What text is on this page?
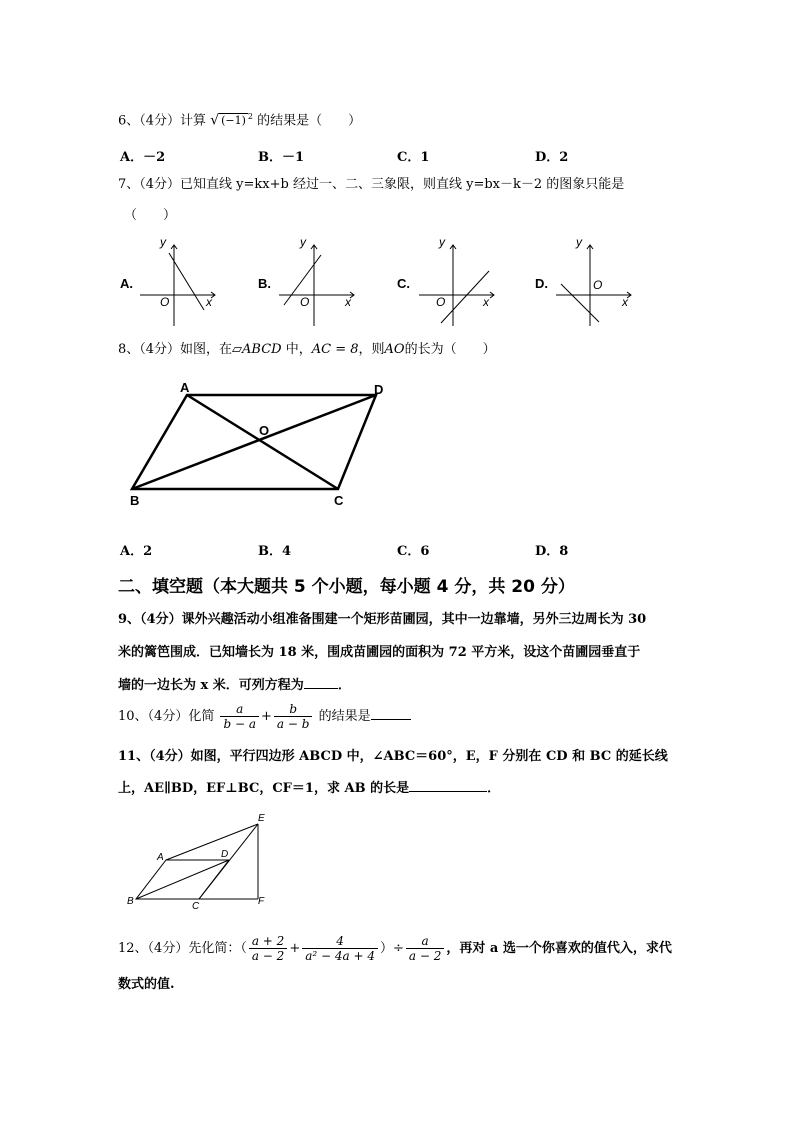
6、（4分）计算 √ (−1) $^2$ 的结果是（　　）
A．－2	B．－1	C．1	D．2
7、（4分）已知直线 y=kx+b 经过一、二、三象限，则直线 y=bx－k－2 的图象只能是
（　　）
A.
y
x
O
B.
y
x
O
C.
y
x
O
D.
y
x
O
8、（4分）如图，在▱ABCD 中，AC = 8，则AO的长为（　　）
A	D
O
B	C
A．2	B．4	C．6	D．8
二、填空题（本大题共 5 个小题，每小题 4 分，共 20 分）
9、（4分）课外兴趣活动小组准备围建一个矩形苗圃园，其中一边靠墙，另外三边周长为 30
米的篱笆围成．已知墙长为 18 米，围成苗圃园的面积为 72 平方米，设这个苗圃园垂直于
墙的一边长为 x 米．可列方程为	．
10、（4分）化简 $\frac{a}{b - a} + \frac{b}{a - b}$ 的结果是
11、（4分）如图，平行四边形 ABCD 中，∠ABC＝60°，E，F 分别在 CD 和 BC 的延长线
上，AE∥BD，EF⊥BC，CF＝1，求 AB 的长是	．
E
A	D
B	C	F
12、（4分）先化简：（ $\frac{a + 2}{a - 2} + \frac{4}{\text{a² − 4a + 4}}$ ）÷ $\frac{a}{a - 2}$ ，再对 a 选一个你喜欢的值代入，求代
数式的值.
